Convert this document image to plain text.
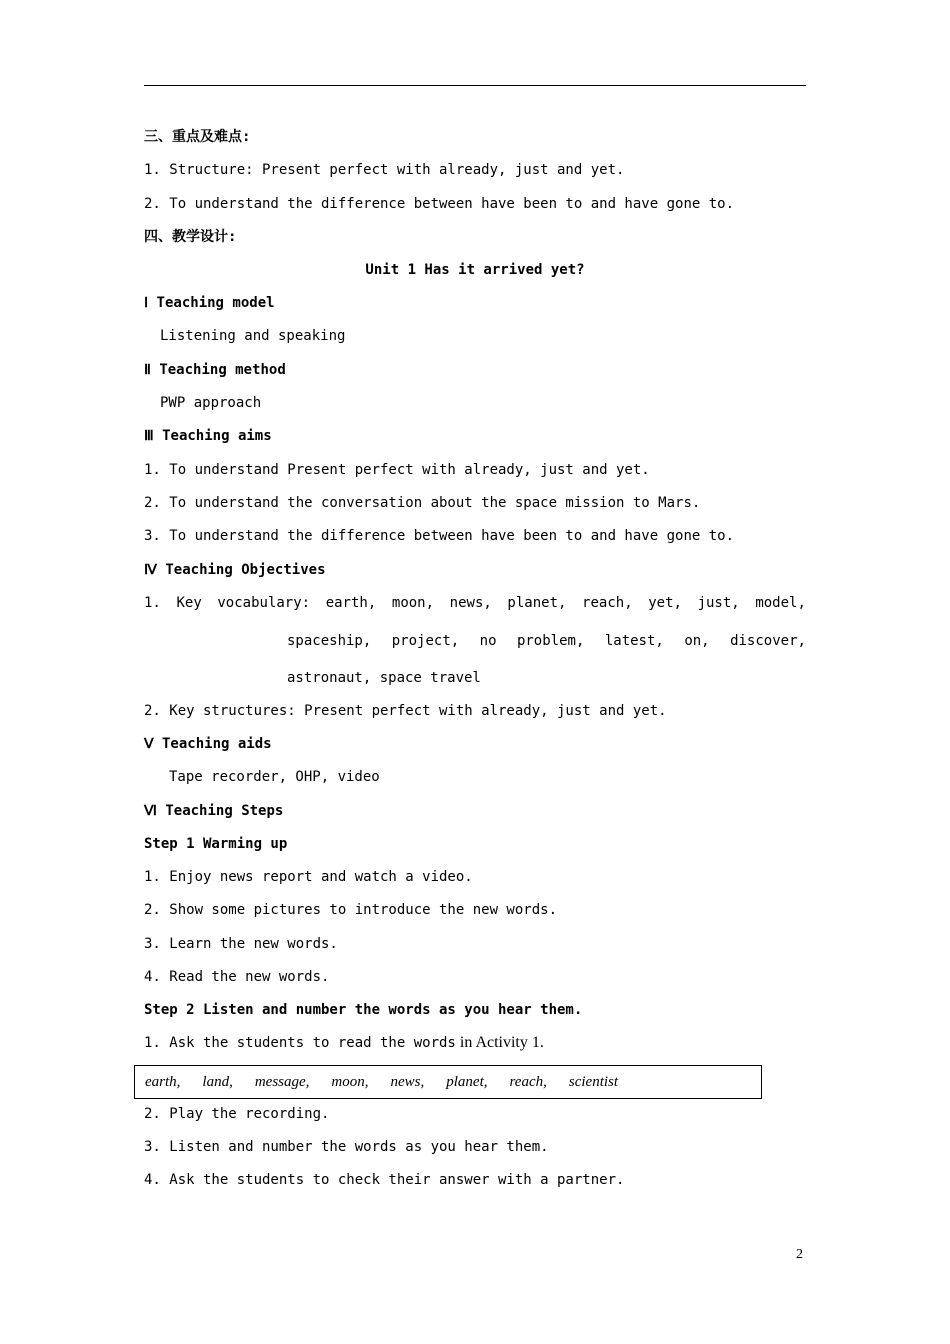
三、重点及难点:
1. Structure: Present perfect with already, just and yet.
2. To understand the difference between have been to and have gone to.
四、教学设计:
Unit 1 Has it arrived yet?
Ⅰ Teaching model
Listening and speaking
Ⅱ Teaching method
PWP approach
Ⅲ Teaching aims
1. To understand Present perfect with already, just and yet.
2. To understand the conversation about the space mission to Mars.
3. To understand the difference between have been to and have gone to.
Ⅳ Teaching Objectives
1. Key vocabulary: earth, moon, news, planet, reach, yet, just, model,
spaceship, project, no problem, latest, on, discover,
astronaut, space travel
2. Key structures: Present perfect with already, just and yet.
Ⅴ Teaching aids
Tape recorder, OHP, video
Ⅵ Teaching Steps
Step 1 Warming up
1. Enjoy news report and watch a video.
2. Show some pictures to introduce the new words.
3. Learn the new words.
4. Read the new words.
Step 2 Listen and number the words as you hear them.
1. Ask the students to read the words in Activity 1.
earth, land, message, moon, news, planet, reach, scientist
2. Play the recording.
3. Listen and number the words as you hear them.
4. Ask the students to check their answer with a partner.
2
